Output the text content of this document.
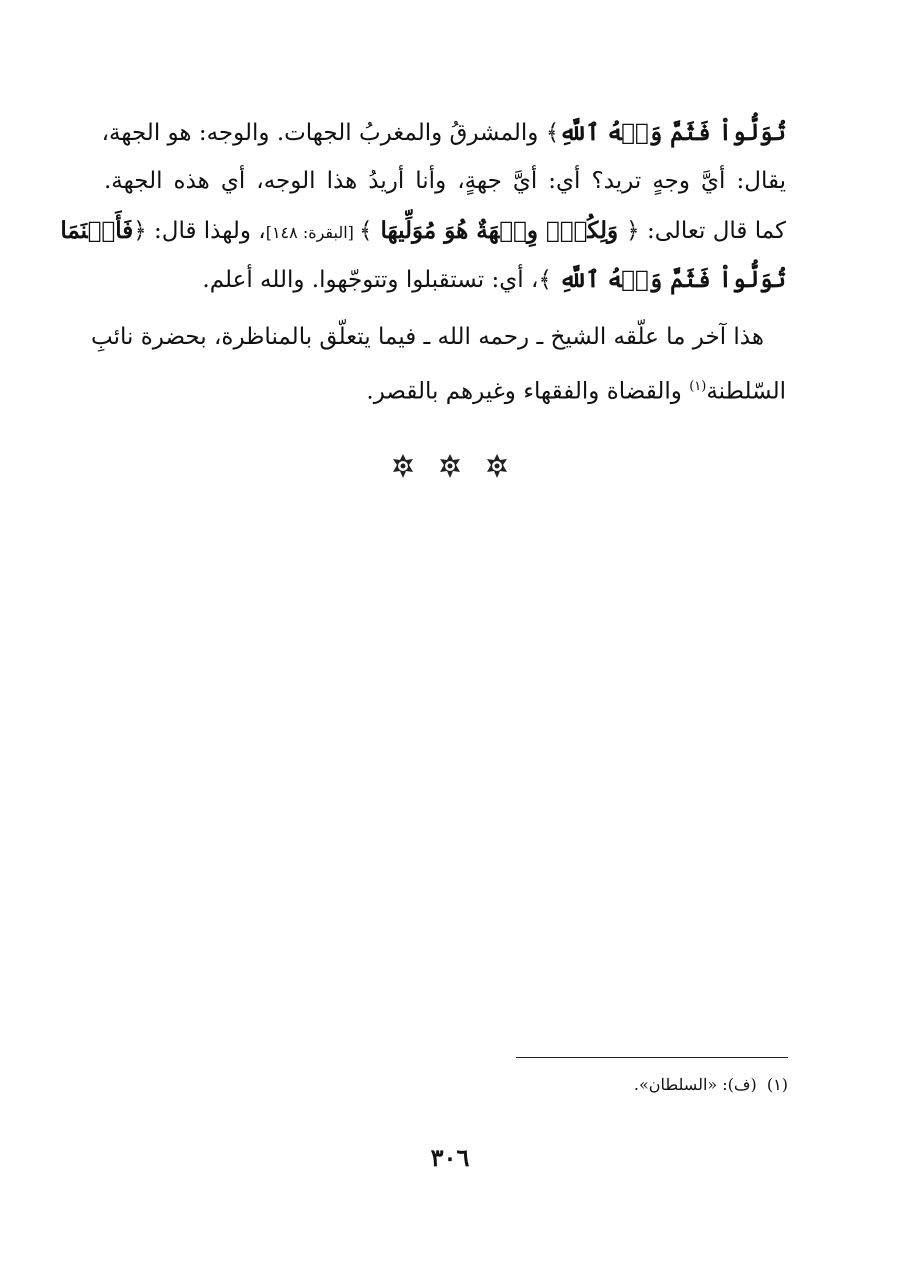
تُوَلُّواْ فَثَمَّ وَجۡهُ ٱللَّهِ﴾ والمشرقُ والمغربُ الجهات. والوجه: هو الجهة،
يقال: أيَّ وجهٍ تريد؟ أي: أيَّ جهةٍ، وأنا أريدُ هذا الوجه، أي هذه الجهة.
كما قال تعالى: ﴿ وَلِكُلّٖ وِجۡهَةٌ هُوَ مُوَلِّيهَا ﴾ [البقرة: ١٤٨]، ولهذا قال: ﴿فَأَيۡنَمَا
تُوَلُّواْ فَثَمَّ وَجۡهُ ٱللَّهِ ﴾، أي: تستقبلوا وتتوجّهوا. والله أعلم.
هذا آخر ما علّقه الشيخ ـ رحمه الله ـ فيما يتعلّق بالمناظرة، بحضرة نائبِ
السّلطنة$^{(١)}$ والقضاة والفقهاء وغيرهم بالقصر.
(١)  (ف): «السلطان».
٣٠٦
